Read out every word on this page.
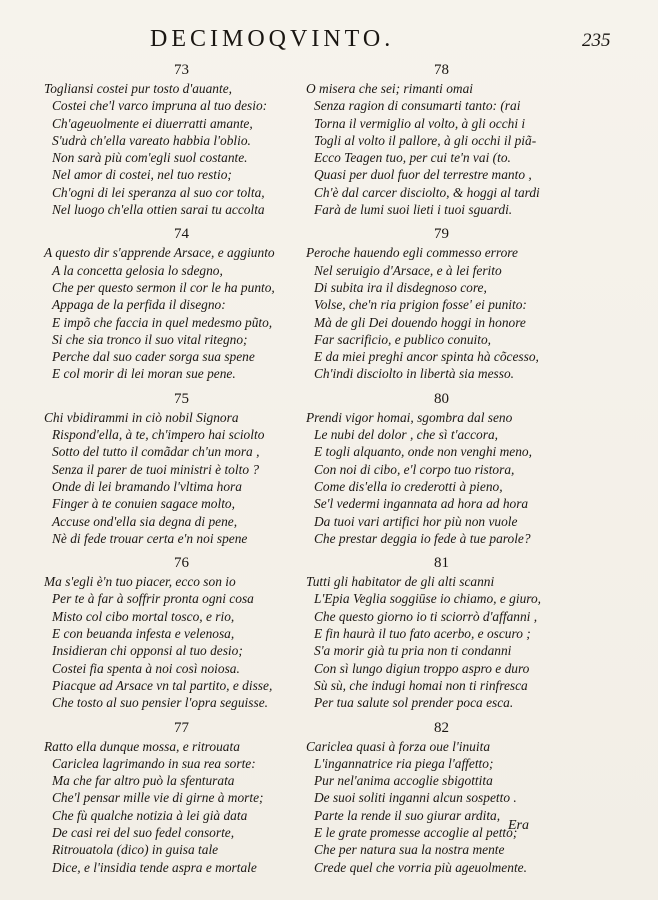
DECIMOQVINTO.	235
73
Togliansi costei pur tosto d'auante,
Costei che'l varco impruna al tuo desio:
Ch'ageuolmente ei diuerratti amante,
S'udrà ch'ella vareato habbia l'oblio.
Non sarà più com'egli suol costante.
Nel amor di costei, nel tuo restio;
Ch'ogni di lei speranza al suo cor tolta,
Nel luogo ch'ella ottien sarai tu accolta
74
A questo dir s'apprende Arsace, e aggiunto
A la concetta gelosia lo sdegno,
Che per questo sermon il cor le ha punto,
Appaga de la perfida il disegno:
E impõ che faccia in quel medesmo pũto,
Si che sia tronco il suo vital ritegno;
Perche dal suo cader sorga sua spene
E col morir di lei moran sue pene.
75
Chi vbidirammi in ciò nobil Signora
Rispond'ella, à te, ch'impero hai sciolto
Sotto del tutto il comãdar ch'un mora ,
Senza il parer de tuoi ministri è tolto ?
Onde di lei bramando l'vltima hora
Finger à te conuien sagace molto,
Accuse ond'ella sia degna di pene,
Nè di fede trouar certa e'n noi spene
76
Ma s'egli è'n tuo piacer, ecco son io
Per te à far à soffrir pronta ogni cosa
Misto col cibo mortal tosco, e rio,
E con beuanda infesta e velenosa,
Insidieran chi opponsi al tuo desio;
Costei fia spenta à noi così noiosa.
Piacque ad Arsace vn tal partito, e disse,
Che tosto al suo pensier l'opra seguisse.
77
Ratto ella dunque mossa, e ritrouata
Cariclea lagrimando in sua rea sorte:
Ma che far altro può la sfenturata
Che'l pensar mille vie di girne à morte;
Che fù qualche notizia à lei già data
De casi rei del suo fedel consorte,
Ritrouatola (dico) in guisa tale
Dice, e l'insidia tende aspra e mortale
78
O misera che sei; rimanti omai
Senza ragion di consumarti tanto: (rai
Torna il vermiglio al volto, à gli occhi i
Togli al volto il pallore, à gli occhi il piã-
Ecco Teagen tuo, per cui te'n vai (to.
Quasi per duol fuor del terrestre manto ,
Ch'è dal carcer disciolto, & hoggi al tardi
Farà de lumi suoi lieti i tuoi sguardi.
79
Peroche hauendo egli commesso errore
Nel seruigio d'Arsace, e à lei ferito
Di subita ira il disdegnoso core,
Volse, che'n ria prigion fosse' ei punito:
Mà de gli Dei douendo hoggi in honore
Far sacrificio, e publico conuito,
E da miei preghi ancor spinta hà cõcesso,
Ch'indi disciolto in libertà sia messo.
80
Prendi vigor homai, sgombra dal seno
Le nubi del dolor , che sì t'accora,
E togli alquanto, onde non venghi meno,
Con noi di cibo, e'l corpo tuo ristora,
Come dis'ella io crederotti à pieno,
Se'l vedermi ingannata ad hora ad hora
Da tuoi vari artifici hor più non vuole
Che prestar deggia io fede à tue parole?
81
Tutti gli habitator de gli alti scanni
L'Epia Veglia soggiūse io chiamo, e giuro,
Che questo giorno io ti sciorrò d'affanni ,
E fin haurà il tuo fato acerbo, e oscuro ;
S'a morir già tu pria non ti condanni
Con sì lungo digiun troppo aspro e duro
Sù sù, che indugi homai non ti rinfresca
Per tua salute sol prender poca esca.
82
Cariclea quasi à forza oue l'inuita
L'ingannatrice ria piega l'affetto;
Pur nel'anima accoglie sbigottita
De suoi soliti inganni alcun sospetto .
Parte la rende il suo giurar ardita,
E le grate promesse accoglie al petto;
Che per natura sua la nostra mente
Crede quel che vorria più ageuolmente.
Era
